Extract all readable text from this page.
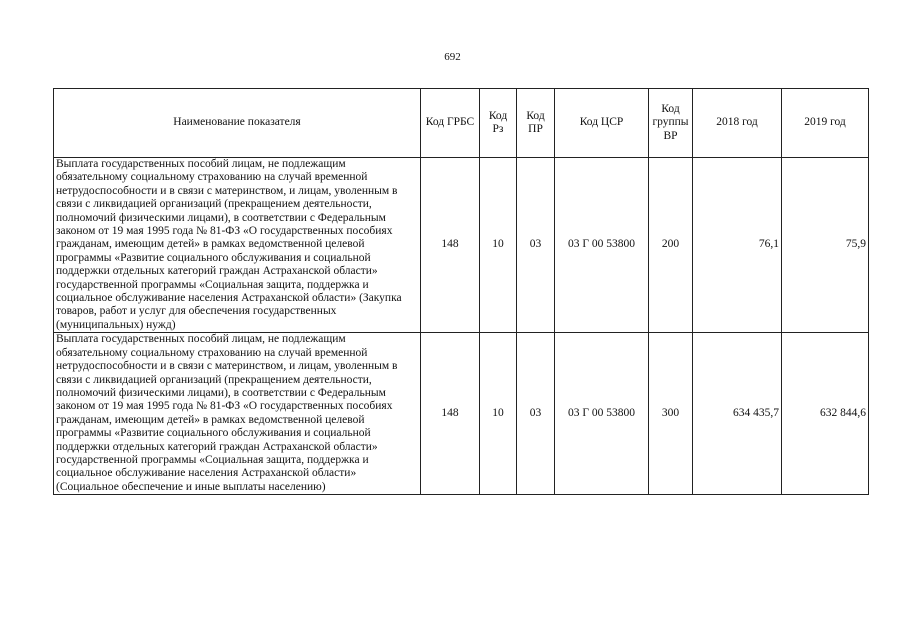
692
Наименование показателя	Код ГРБС	Код Рз	Код ПР	Код ЦСР	Код группы ВР	2018 год	2019 год
Выплата государственных пособий лицам, не подлежащим обязательному социальному страхованию на случай временной нетрудоспособности и в связи с материнством, и лицам, уволенным в связи с ликвидацией организаций (прекращением деятельности, полномочий физическими лицами), в соответствии с Федеральным законом от 19 мая 1995 года № 81-ФЗ «О государственных пособиях гражданам, имеющим детей» в рамках ведомственной целевой программы «Развитие социального обслуживания и социальной поддержки отдельных категорий граждан Астраханской области» государственной программы «Социальная защита, поддержка и социальное обслуживание населения Астраханской области» (Закупка товаров, работ и услуг для обеспечения государственных (муниципальных) нужд)	148	10	03	03 Г 00 53800	200	76,1	75,9
Выплата государственных пособий лицам, не подлежащим обязательному социальному страхованию на случай временной нетрудоспособности и в связи с материнством, и лицам, уволенным в связи с ликвидацией организаций (прекращением деятельности, полномочий физическими лицами), в соответствии с Федеральным законом от 19 мая 1995 года № 81-ФЗ «О государственных пособиях гражданам, имеющим детей» в рамках ведомственной целевой программы «Развитие социального обслуживания и социальной поддержки отдельных категорий граждан Астраханской области» государственной программы «Социальная защита, поддержка и социальное обслуживание населения Астраханской области» (Социальное обеспечение и иные выплаты населению)	148	10	03	03 Г 00 53800	300	634 435,7	632 844,6
